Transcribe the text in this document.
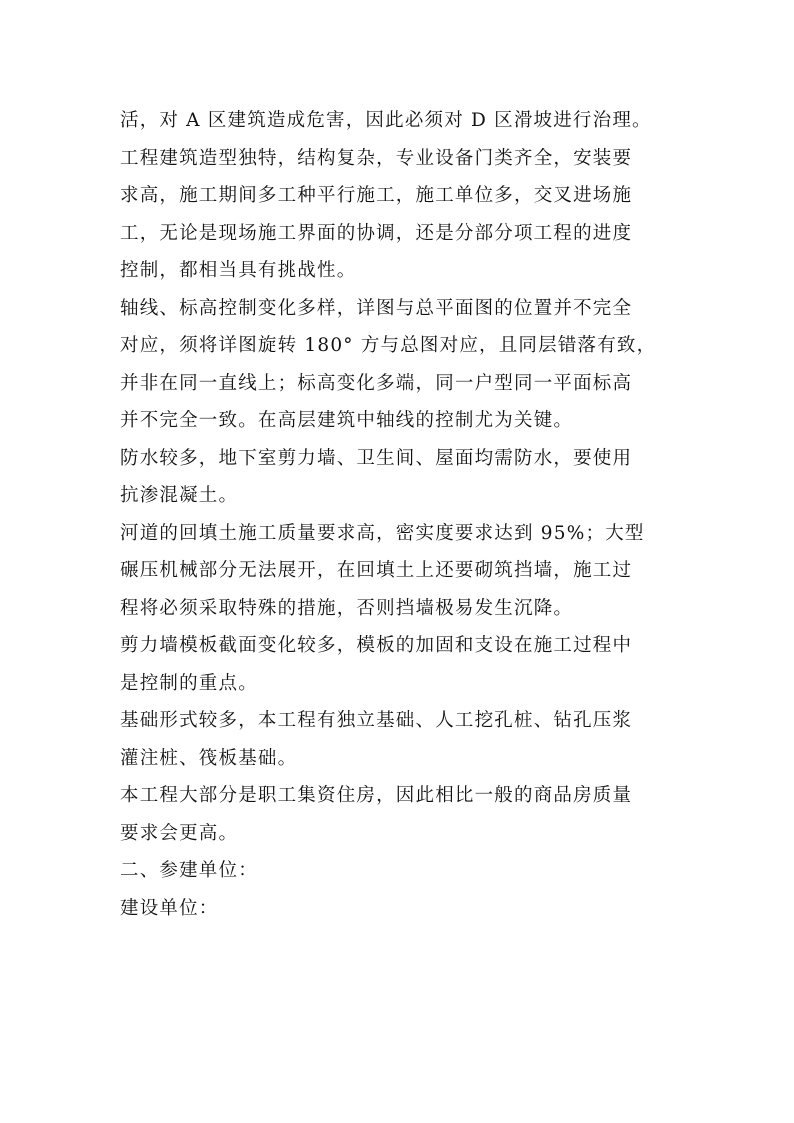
活，对 A 区建筑造成危害，因此必须对 D 区滑坡进行治理。
工程建筑造型独特，结构复杂，专业设备门类齐全，安装要
求高，施工期间多工种平行施工，施工单位多，交叉进场施
工，无论是现场施工界面的协调，还是分部分项工程的进度
控制，都相当具有挑战性。
轴线、标高控制变化多样，详图与总平面图的位置并不完全
对应，须将详图旋转 180° 方与总图对应，且同层错落有致，
并非在同一直线上；标高变化多端，同一户型同一平面标高
并不完全一致。在高层建筑中轴线的控制尤为关键。
防水较多，地下室剪力墙、卫生间、屋面均需防水，要使用
抗渗混凝土。
河道的回填土施工质量要求高，密实度要求达到 95%；大型
碾压机械部分无法展开，在回填土上还要砌筑挡墙，施工过
程将必须采取特殊的措施，否则挡墙极易发生沉降。
剪力墙模板截面变化较多，模板的加固和支设在施工过程中
是控制的重点。
基础形式较多，本工程有独立基础、人工挖孔桩、钻孔压浆
灌注桩、筏板基础。
本工程大部分是职工集资住房，因此相比一般的商品房质量
要求会更高。
二、参建单位：
建设单位：
